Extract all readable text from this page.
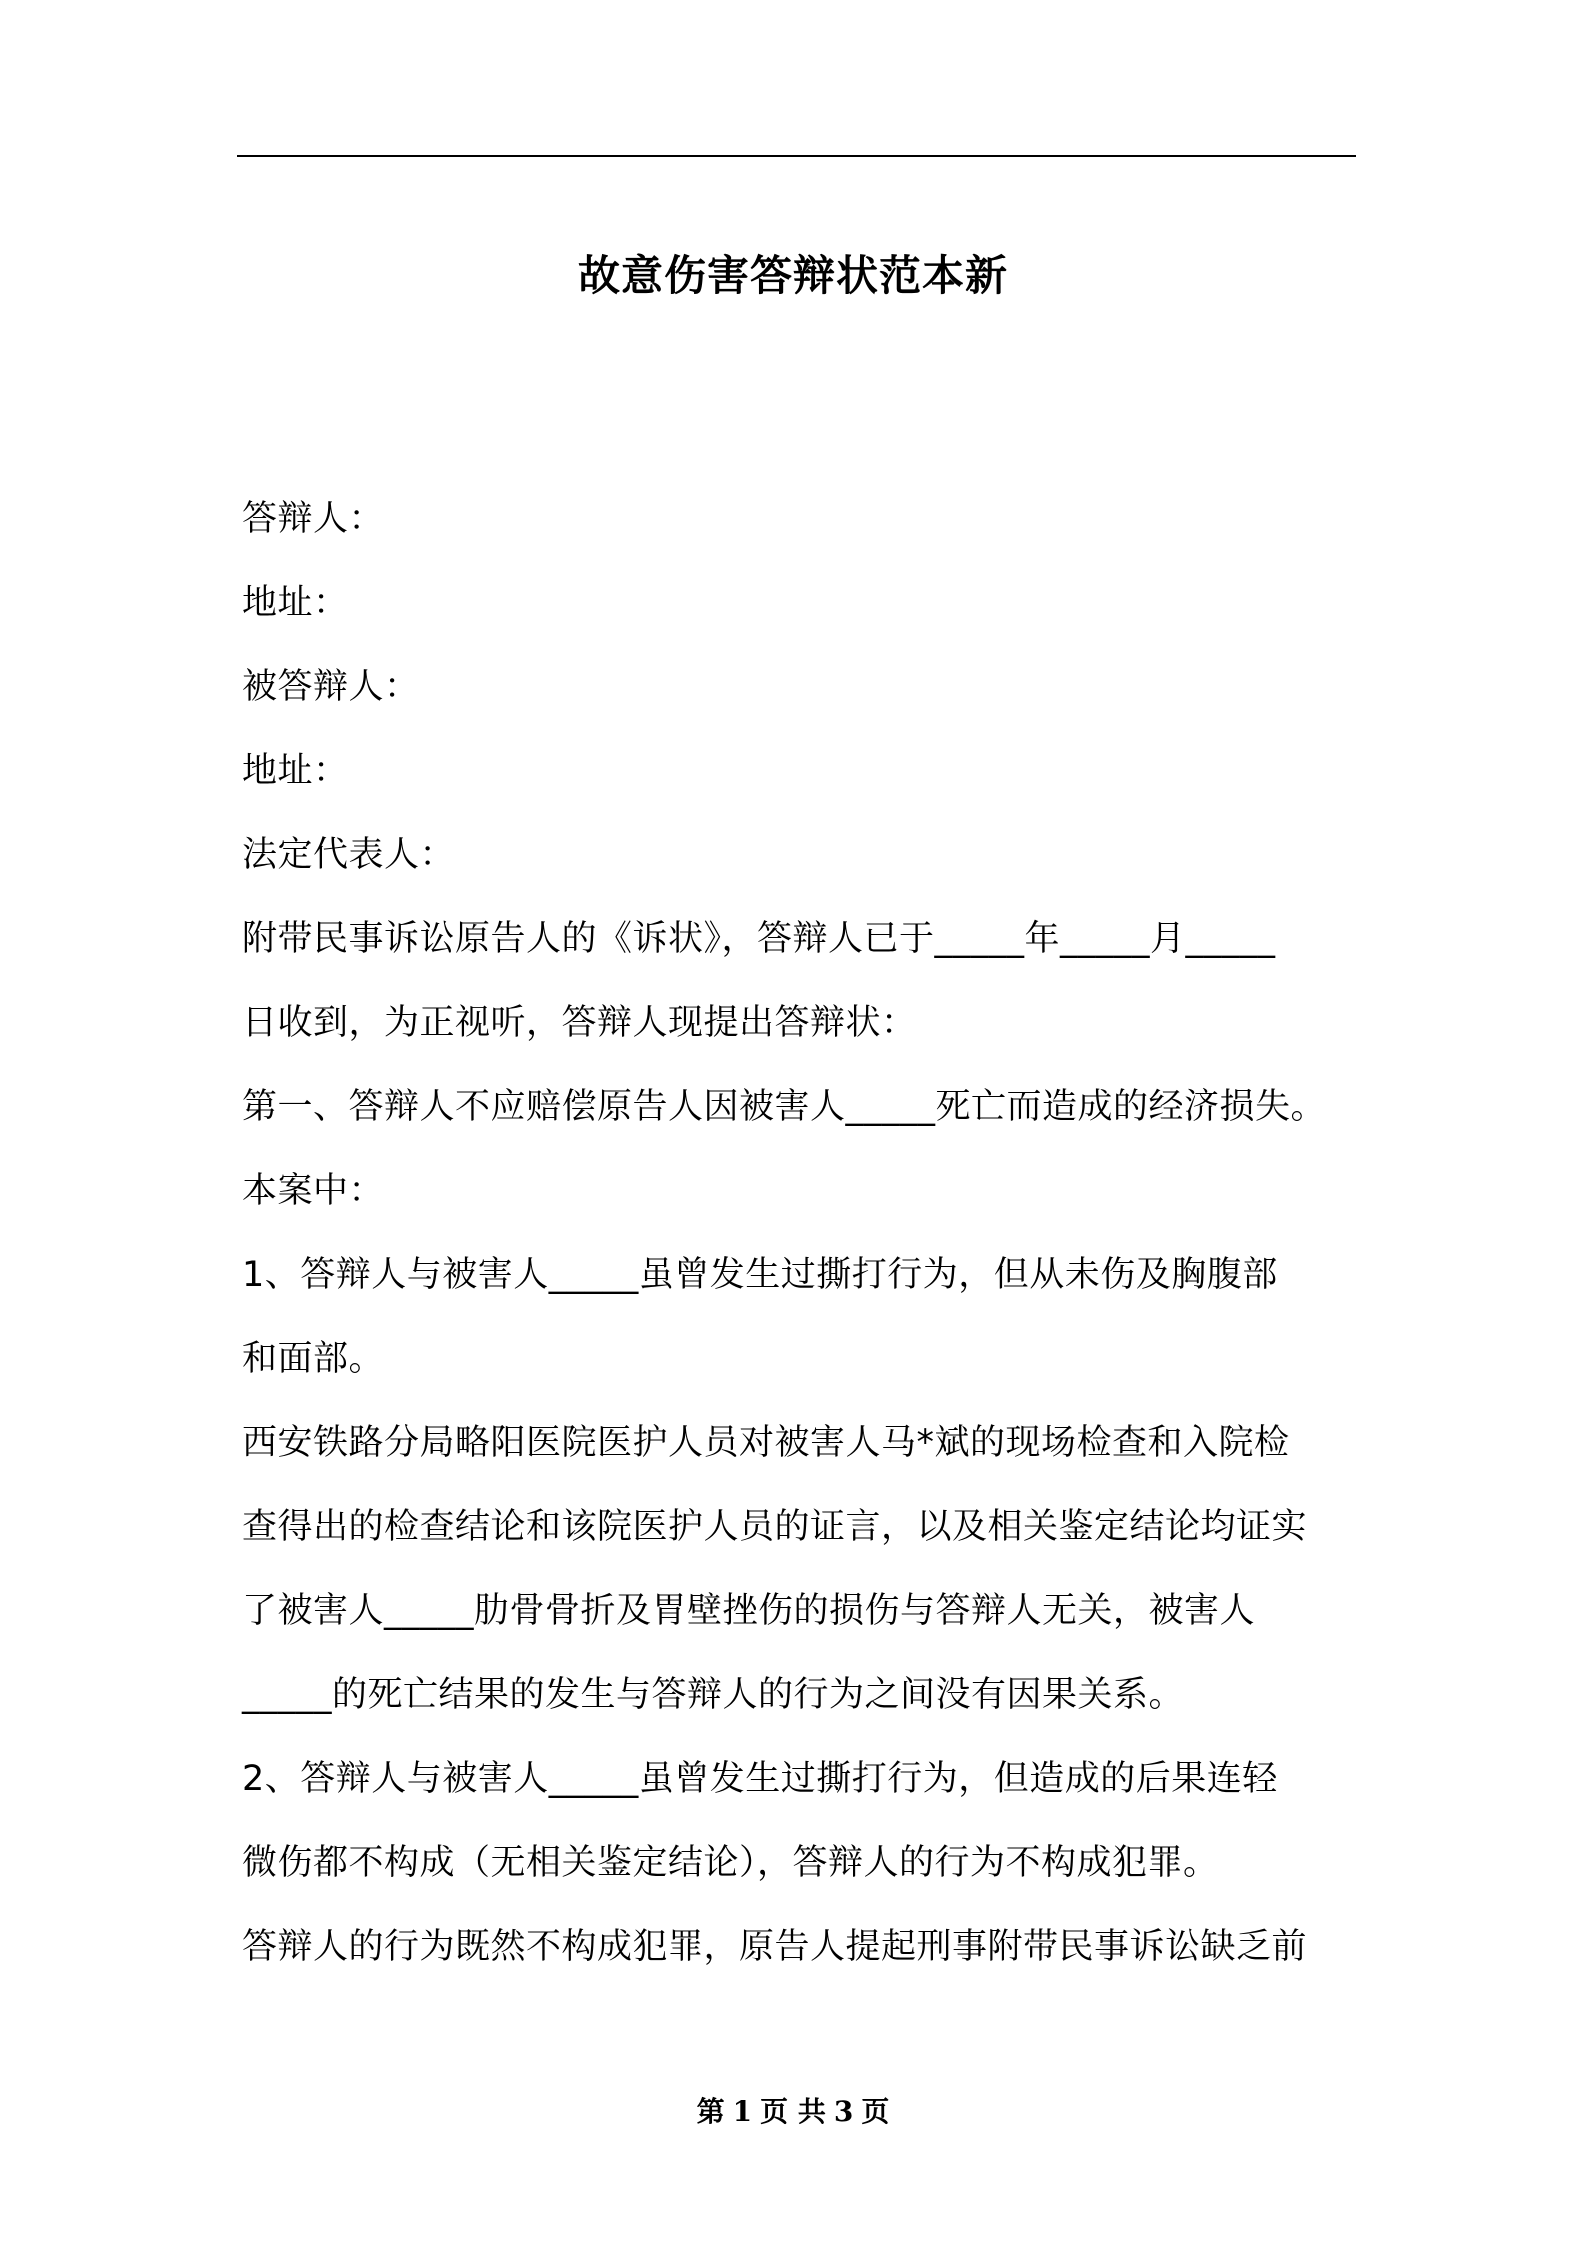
故意伤害答辩状范本新

答辩人：

地址：

被答辩人：

地址：

法定代表人：

附带民事诉讼原告人的《诉状》，答辩人已于_____年_____月_____

日收到，为正视听，答辩人现提出答辩状：

第一、答辩人不应赔偿原告人因被害人_____死亡而造成的经济损失。

本案中：

1、答辩人与被害人_____虽曾发生过撕打行为，但从未伤及胸腹部

和面部。

西安铁路分局略阳医院医护人员对被害人马*斌的现场检查和入院检

查得出的检查结论和该院医护人员的证言，以及相关鉴定结论均证实

了被害人_____肋骨骨折及胃壁挫伤的损伤与答辩人无关，被害人

_____的死亡结果的发生与答辩人的行为之间没有因果关系。

2、答辩人与被害人_____虽曾发生过撕打行为，但造成的后果连轻

微伤都不构成（无相关鉴定结论），答辩人的行为不构成犯罪。

答辩人的行为既然不构成犯罪，原告人提起刑事附带民事诉讼缺乏前

第 1 页 共 3 页
